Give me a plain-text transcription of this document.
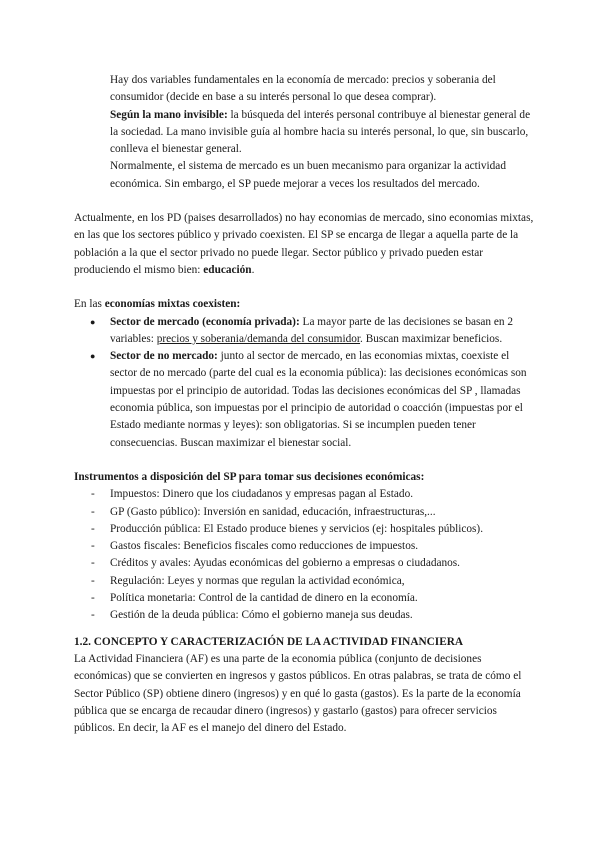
Hay dos variables fundamentales en la economía de mercado: precios y soberania del consumidor (decide en base a su interés personal lo que desea comprar).

Según la mano invisible: la búsqueda del interés personal contribuye al bienestar general de la sociedad. La mano invisible guía al hombre hacia su interés personal, lo que, sin buscarlo, conlleva el bienestar general.

Normalmente, el sistema de mercado es un buen mecanismo para organizar la actividad económica. Sin embargo, el SP puede mejorar a veces los resultados del mercado.

Actualmente, en los PD (paises desarrollados) no hay economias de mercado, sino economias mixtas, en las que los sectores público y privado coexisten. El SP se encarga de llegar a aquella parte de la población a la que el sector privado no puede llegar. Sector público y privado pueden estar produciendo el mismo bien: educación.

En las economías mixtas coexisten:

● Sector de mercado (economía privada): La mayor parte de las decisiones se basan en 2 variables: precios y soberania/demanda del consumidor. Buscan maximizar beneficios.
● Sector de no mercado: junto al sector de mercado, en las economias mixtas, coexiste el sector de no mercado (parte del cual es la economia pública): las decisiones económicas son impuestas por el principio de autoridad. Todas las decisiones económicas del SP , llamadas economia pública, son impuestas por el principio de autoridad o coacción (impuestas por el Estado mediante normas y leyes): son obligatorias. Si se incumplen pueden tener consecuencias. Buscan maximizar el bienestar social.

Instrumentos a disposición del SP para tomar sus decisiones económicas:

- Impuestos: Dinero que los ciudadanos y empresas pagan al Estado.
- GP (Gasto público): Inversión en sanidad, educación, infraestructuras,...
- Producción pública: El Estado produce bienes y servicios (ej: hospitales públicos).
- Gastos fiscales: Beneficios fiscales como reducciones de impuestos.
- Créditos y avales: Ayudas económicas del gobierno a empresas o ciudadanos.
- Regulación: Leyes y normas que regulan la actividad económica,
- Política monetaria: Control de la cantidad de dinero en la economía.
- Gestión de la deuda pública: Cómo el gobierno maneja sus deudas.

1.2. CONCEPTO Y CARACTERIZACIÓN DE LA ACTIVIDAD FINANCIERA

La Actividad Financiera (AF) es una parte de la economia pública (conjunto de decisiones económicas) que se convierten en ingresos y gastos públicos. En otras palabras, se trata de cómo el Sector Público (SP) obtiene dinero (ingresos) y en qué lo gasta (gastos). Es la parte de la economía pública que se encarga de recaudar dinero (ingresos) y gastarlo (gastos) para ofrecer servicios públicos. En decir, la AF es el manejo del dinero del Estado.
